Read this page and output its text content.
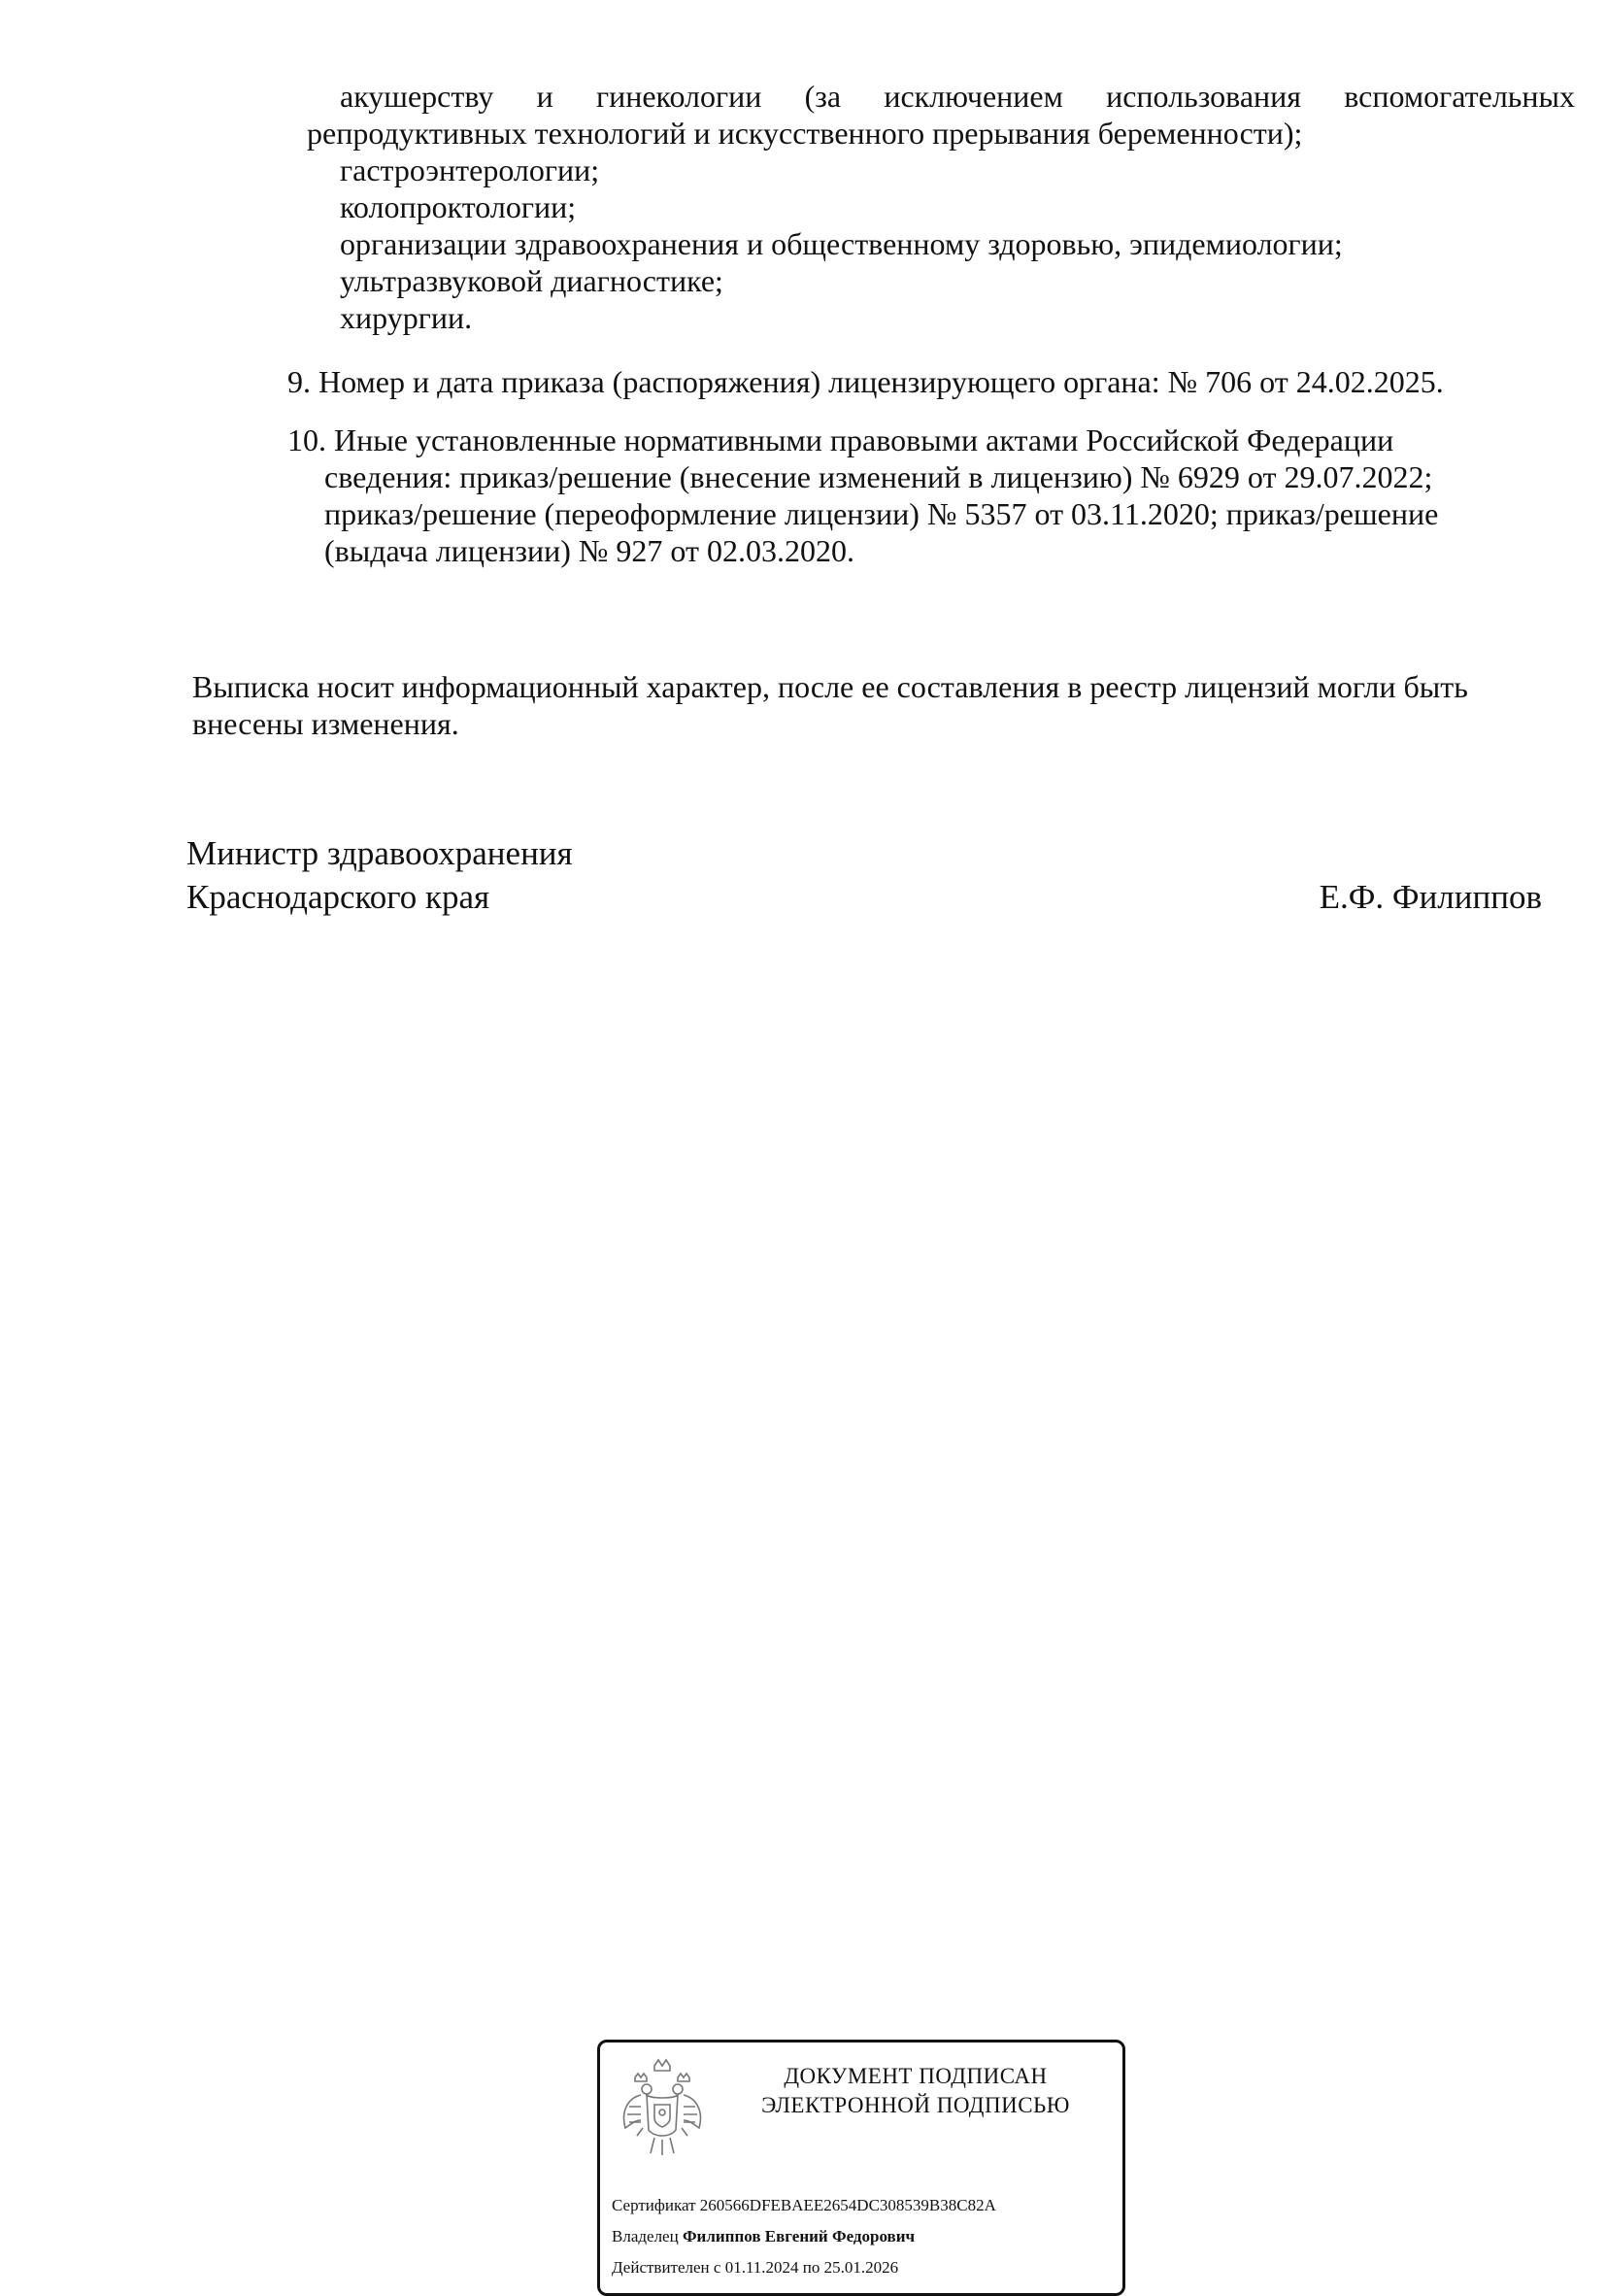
акушерству и гинекологии (за исключением использования вспомогательных
репродуктивных технологий и искусственного прерывания беременности);
гастроэнтерологии;
колопроктологии;
организации здравоохранения и общественному здоровью, эпидемиологии;
ультразвуковой диагностике;
хирургии.
9. Номер и дата приказа (распоряжения) лицензирующего органа: № 706 от 24.02.2025.
10. Иные установленные нормативными правовыми актами Российской Федерации
сведения: приказ/решение (внесение изменений в лицензию) № 6929 от 29.07.2022;
приказ/решение (переоформление лицензии) № 5357 от 03.11.2020; приказ/решение
(выдача лицензии) № 927 от 02.03.2020.
Выписка носит информационный характер, после ее составления в реестр лицензий могли быть
внесены изменения.
Министр здравоохранения
Краснодарского края	Е.Ф. Филиппов
ДОКУМЕНТ ПОДПИСАН
ЭЛЕКТРОННОЙ ПОДПИСЬЮ
Сертификат 260566DFEBAEE2654DC308539B38C82A
Владелец Филиппов Евгений Федорович
Действителен с 01.11.2024 по 25.01.2026
